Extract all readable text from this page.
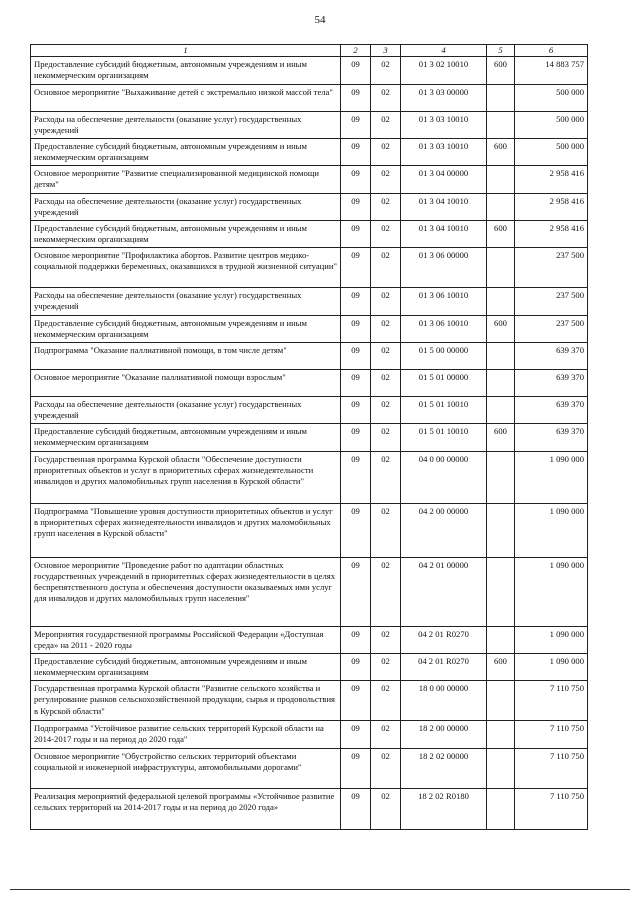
54
1	2	3	4	5	6
Предоставление субсидий бюджетным, автономным учреждениям и иным некоммерческим организациям	09	02	01 3 02 10010	600	14 883 757
Основное мероприятие "Выхаживание детей с экстремально низкой массой тела"	09	02	01 3 03 00000		500 000
Расходы на обеспечение деятельности (оказание услуг) государственных учреждений	09	02	01 3 03 10010		500 000
Предоставление субсидий бюджетным, автономным учреждениям и иным некоммерческим организациям	09	02	01 3 03 10010	600	500 000
Основное мероприятие "Развитие специализированной медицинской помощи детям"	09	02	01 3 04 00000		2 958 416
Расходы на обеспечение деятельности (оказание услуг) государственных учреждений	09	02	01 3 04 10010		2 958 416
Предоставление субсидий бюджетным, автономным учреждениям и иным некоммерческим организациям	09	02	01 3 04 10010	600	2 958 416
Основное мероприятие "Профилактика абортов. Развитие центров медико-социальной поддержки беременных, оказавшихся в трудной жизненной ситуации"	09	02	01 3 06 00000		237 500
Расходы на обеспечение деятельности (оказание услуг) государственных учреждений	09	02	01 3 06 10010		237 500
Предоставление субсидий бюджетным, автономным учреждениям и иным некоммерческим организациям	09	02	01 3 06 10010	600	237 500
Подпрограмма "Оказание паллиативной помощи, в том числе детям"	09	02	01 5 00 00000		639 370
Основное мероприятие "Оказание паллиативной помощи взрослым"	09	02	01 5 01 00000		639 370
Расходы на обеспечение деятельности (оказание услуг) государственных учреждений	09	02	01 5 01 10010		639 370
Предоставление субсидий бюджетным, автономным учреждениям и иным некоммерческим организациям	09	02	01 5 01 10010	600	639 370
Государственная программа Курской области "Обеспечение доступности приоритетных объектов и услуг в приоритетных сферах жизнедеятельности инвалидов и других маломобильных групп населения в Курской области"	09	02	04 0 00 00000		1 090 000
Подпрограмма "Повышение уровня доступности приоритетных объектов и услуг в приоритетных сферах жизнедеятельности инвалидов и других маломобильных групп населения в Курской области"	09	02	04 2 00 00000		1 090 000
Основное мероприятие "Проведение работ по адаптации областных государственных учреждений в приоритетных сферах жизнедеятельности в целях беспрепятственного доступа и обеспечения доступности оказываемых ими услуг для инвалидов и других маломобильных групп населения"	09	02	04 2 01 00000		1 090 000
Мероприятия государственной программы Российской Федерации «Доступная среда» на 2011 - 2020 годы	09	02	04 2 01 R0270		1 090 000
Предоставление субсидий бюджетным, автономным учреждениям и иным некоммерческим организациям	09	02	04 2 01 R0270	600	1 090 000
Государственная программа Курской области "Развитие сельского хозяйства и регулирование рынков сельскохозяйственной продукции, сырья и продовольствия в Курской области"	09	02	18 0 00 00000		7 110 750
Подпрограмма "Устойчивое развитие сельских территорий Курской области на 2014-2017 годы и на период до 2020 года"	09	02	18 2 00 00000		7 110 750
Основное мероприятие "Обустройство сельских территорий объектами социальной и инженерной инфраструктуры, автомобильными дорогами"	09	02	18 2 02 00000		7 110 750
Реализация мероприятий федеральной целевой программы «Устойчивое развитие сельских территорий на 2014-2017 годы и на период до 2020 года»	09	02	18 2 02 R0180		7 110 750
